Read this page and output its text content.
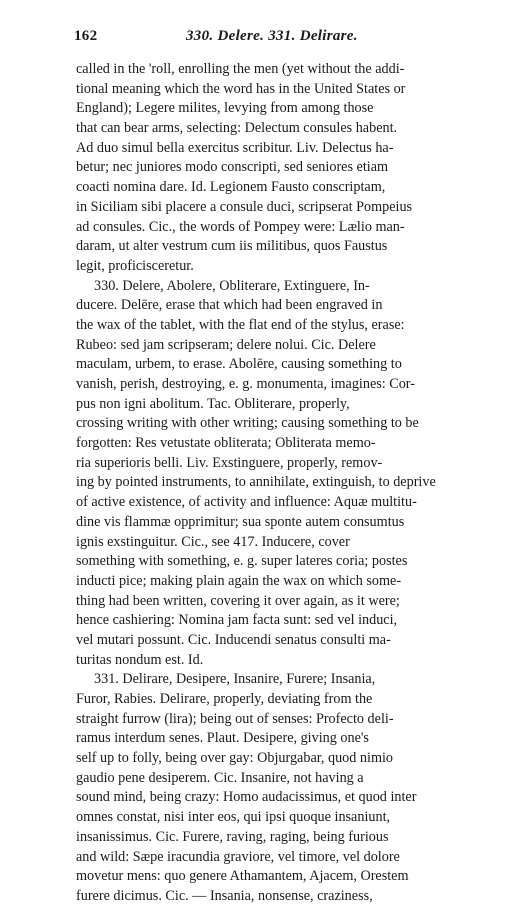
162	330. Delere. 331. Delirare.
called in the 'roll, enrolling the men (yet without the addi-
tional meaning which the word has in the United States or
England); Legere milites, levying from among those
that can bear arms, selecting: Delectum consules habent.
Ad duo simul bella exercitus scribitur. Liv. Delectus ha-
betur; nec juniores modo conscripti, sed seniores etiam
coacti nomina dare. Id. Legionem Fausto conscriptam,
in Siciliam sibi placere a consule duci, scripserat Pompeius
ad consules. Cic., the words of Pompey were: Lælio man-
daram, ut alter vestrum cum iis militibus, quos Faustus
legit, proficisceretur.
330. Delere, Abolere, Obliterare, Extinguere, In-
ducere. Delēre, erase that which had been engraved in
the wax of the tablet, with the flat end of the stylus, erase:
Rubeo: sed jam scripseram; delere nolui. Cic. Delere
maculam, urbem, to erase. Abolēre, causing something to
vanish, perish, destroying, e. g. monumenta, imagines: Cor-
pus non igni abolitum. Tac. Obliterare, properly,
crossing writing with other writing; causing something to be
forgotten: Res vetustate obliterata; Obliterata memo-
ria superioris belli. Liv. Exstinguere, properly, remov-
ing by pointed instruments, to annihilate, extinguish, to deprive
of active existence, of activity and influence: Aquæ multitu-
dine vis flammæ opprimitur; sua sponte autem consumtus
ignis exstinguitur. Cic., see 417. Inducere, cover
something with something, e. g. super lateres coria; postes
inducti pice; making plain again the wax on which some-
thing had been written, covering it over again, as it were;
hence cashiering: Nomina jam facta sunt: sed vel induci,
vel mutari possunt. Cic. Inducendi senatus consulti ma-
turitas nondum est. Id.
331. Delirare, Desipere, Insanire, Furere; Insania,
Furor, Rabies. Delirare, properly, deviating from the
straight furrow (lira); being out of senses: Profecto deli-
ramus interdum senes. Plaut. Desipere, giving one's
self up to folly, being over gay: Objurgabar, quod nimio
gaudio pene desiperem. Cic. Insanire, not having a
sound mind, being crazy: Homo audacissimus, et quod inter
omnes constat, nisi inter eos, qui ipsi quoque insaniunt,
insanissimus. Cic. Furere, raving, raging, being furious
and wild: Sæpe iracundia graviore, vel timore, vel dolore
movetur mens: quo genere Athamantem, Ajacem, Orestem
furere dicimus. Cic. — Insania, nonsense, craziness,
